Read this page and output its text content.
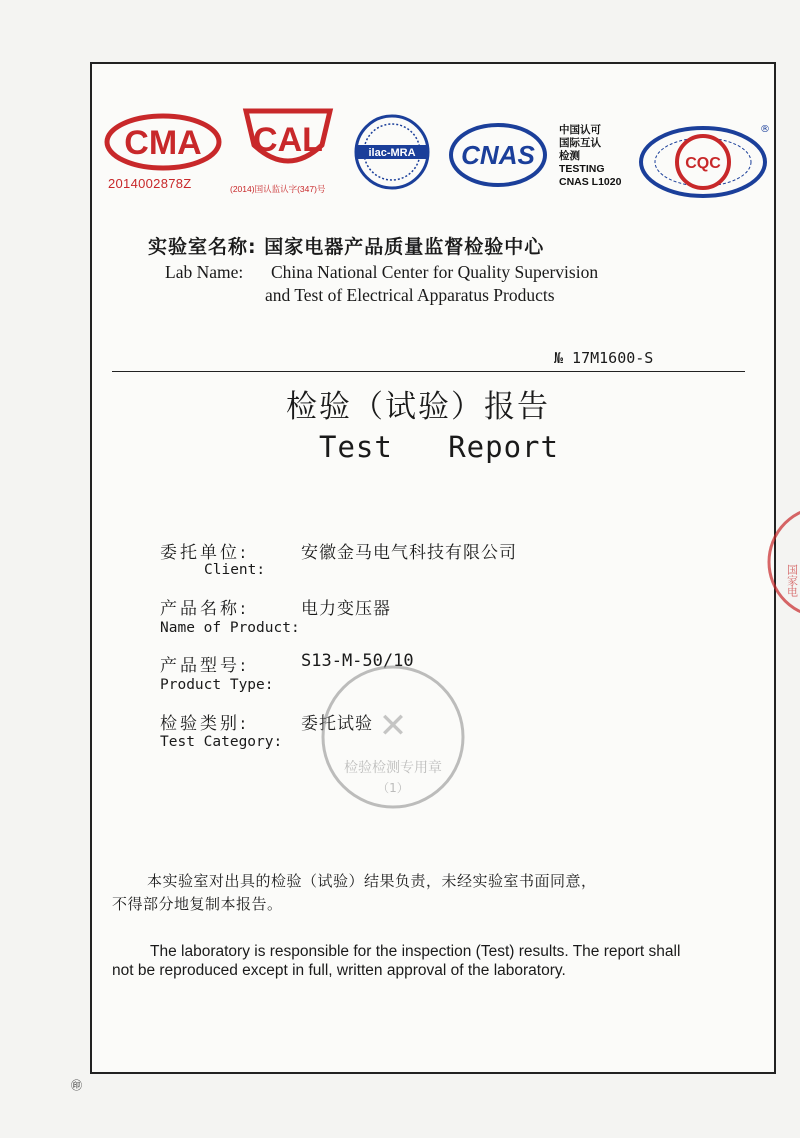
CMA
2014002878Z
CAL
(2014)国认监认字(347)号
ilac-MRA CNAS
中国认可
国际互认
检测
TESTING
CNAS L1020
CQC
®
实验室名称: 国家电器产品质量监督检验中心
Lab Name: China National Center for Quality Supervision
and Test of Electrical Apparatus Products
№ 17M1600-S
检验（试验）报告
Test   Report
委托单位:	安徽金马电气科技有限公司
Client:
产品名称:	电力变压器
Name of Product:
产品型号:	S13-M-50/10
Product Type:
检验类别:	委托试验
Test Category:	✕
检验检测专用章
（1）
国家电
本实验室对出具的检验（试验）结果负责，未经实验室书面同意，
不得部分地复制本报告。
The laboratory is responsible for the inspection (Test) results. The report shall
not be reproduced except in full, written approval of the laboratory.
㊞
